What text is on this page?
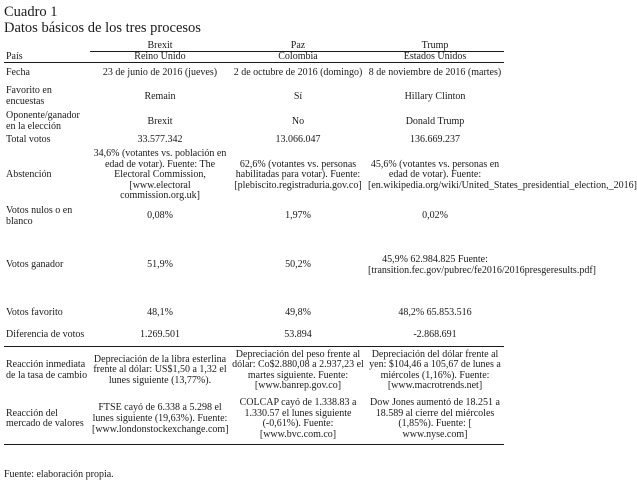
Cuadro 1
Datos básicos de los tres procesos
	Brexit	Paz	Trump
País	Reino Unido	Colombia	Estados Unidos
Fecha	23 de junio de 2016 (jueves)	2 de octubre de 2016 (domingo)	8 de noviembre de 2016 (martes)
Favorito en encuestas	Remain	Sí	Hillary Clinton
Oponente/ganador en la elección	Brexit	No	Donald Trump
Total votos	33.577.342	13.066.047	136.669.237
Abstención	34,6% (votantes vs. población en edad de votar). Fuente: The Electoral Commission, [www.electoral commission.org.uk]	62,6% (votantes vs. personas habilitadas para votar). Fuente: [plebiscito.registraduria.gov.co]	45,6% (votantes vs. personas en edad de votar). Fuente: [en.wikipedia.org/wiki/United_States_presidential_election,_2016]
Votos nulos o en blanco	0,08%	1,97%	0,02%
Votos ganador	51,9%	50,2%	45,9% 62.984.825 Fuente: [transition.fec.gov/pubrec/fe2016/2016presgeresults.pdf]
Votos favorito	48,1%	49,8%	48,2% 65.853.516
Diferencia de votos	1.269.501	53.894	-2.868.691
Reacción inmediata de la tasa de cambio	Depreciación de la libra esterlina frente al dólar: US$1,50 a 1,32 el lunes siguiente (13,77%).	Depreciación del peso frente al dólar: Co$2.880,08 a 2.937,23 el martes siguiente. Fuente: [www.banrep.gov.co]	Depreciación del dólar frente al yen: $104,46 a 105,67 de lunes a miércoles (1,16%). Fuente: [www.macrotrends.net]
Reacción del mercado de valores	FTSE cayó de 6.338 a 5.298 el lunes siguiente (19,63%). Fuente: [www.londonstockexchange.com]	COLCAP cayó de 1.338.83 a 1.330.57 el lunes siguiente (-0,61%). Fuente: [www.bvc.com.co]	Dow Jones aumentó de 18.251 a 18.589 al cierre del miércoles (1,85%). Fuente: [ www.nyse.com]
Fuente: elaboración propia.
